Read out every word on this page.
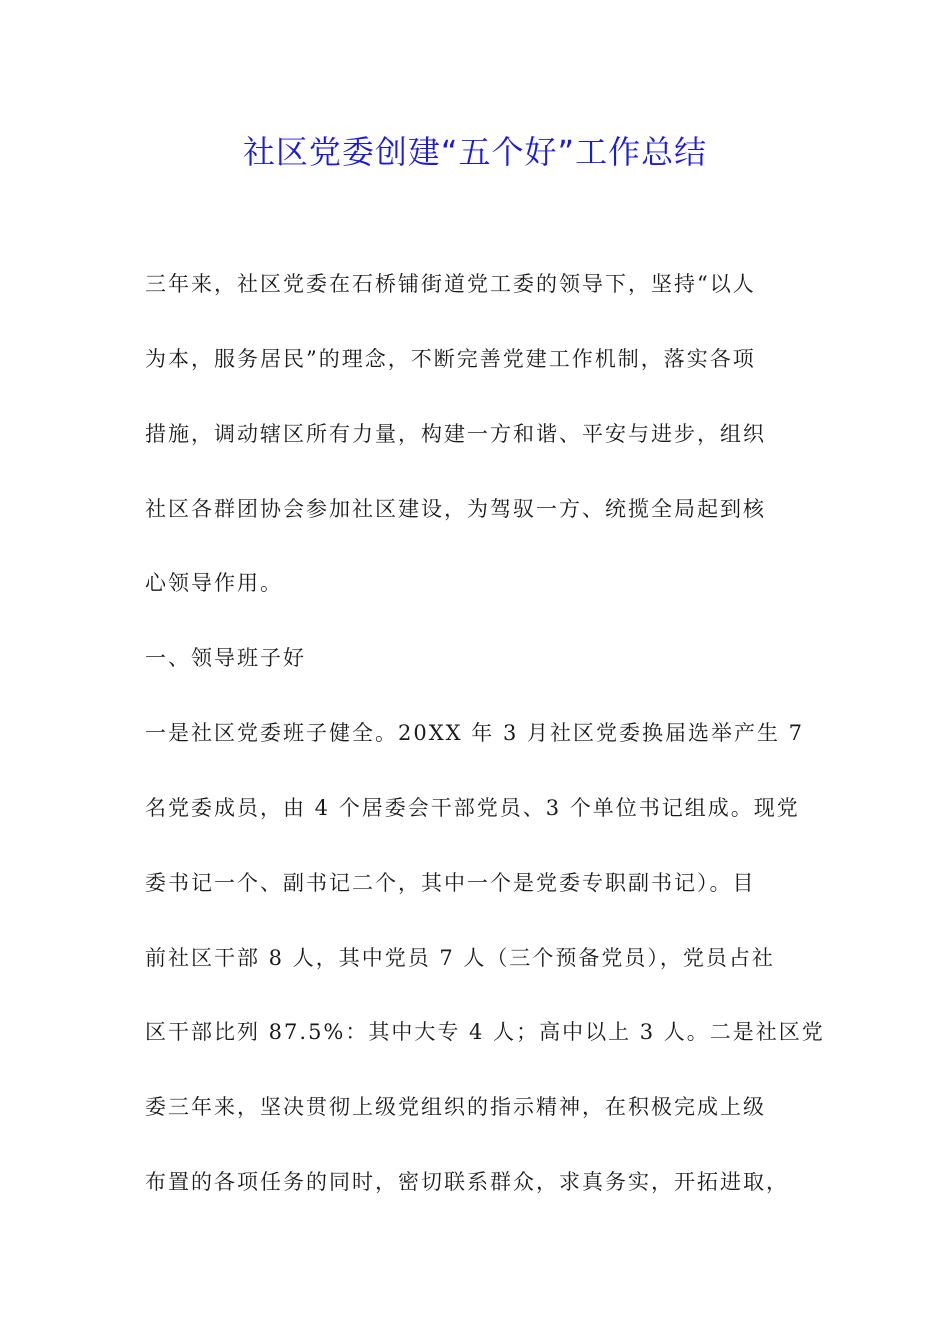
社区党委创建“五个好”工作总结
三年来，社区党委在石桥铺街道党工委的领导下，坚持“以人
为本，服务居民”的理念，不断完善党建工作机制，落实各项
措施，调动辖区所有力量，构建一方和谐、平安与进步，组织
社区各群团协会参加社区建设，为驾驭一方、统揽全局起到核
心领导作用。
一、领导班子好
一是社区党委班子健全。20XX 年 3 月社区党委换届选举产生 7
名党委成员，由 4 个居委会干部党员、3 个单位书记组成。现党
委书记一个、副书记二个，其中一个是党委专职副书记）。目
前社区干部 8 人，其中党员 7 人（三个预备党员），党员占社
区干部比列 87.5%：其中大专 4 人；高中以上 3 人。二是社区党
委三年来，坚决贯彻上级党组织的指示精神，在积极完成上级
布置的各项任务的同时，密切联系群众，求真务实，开拓进取，
